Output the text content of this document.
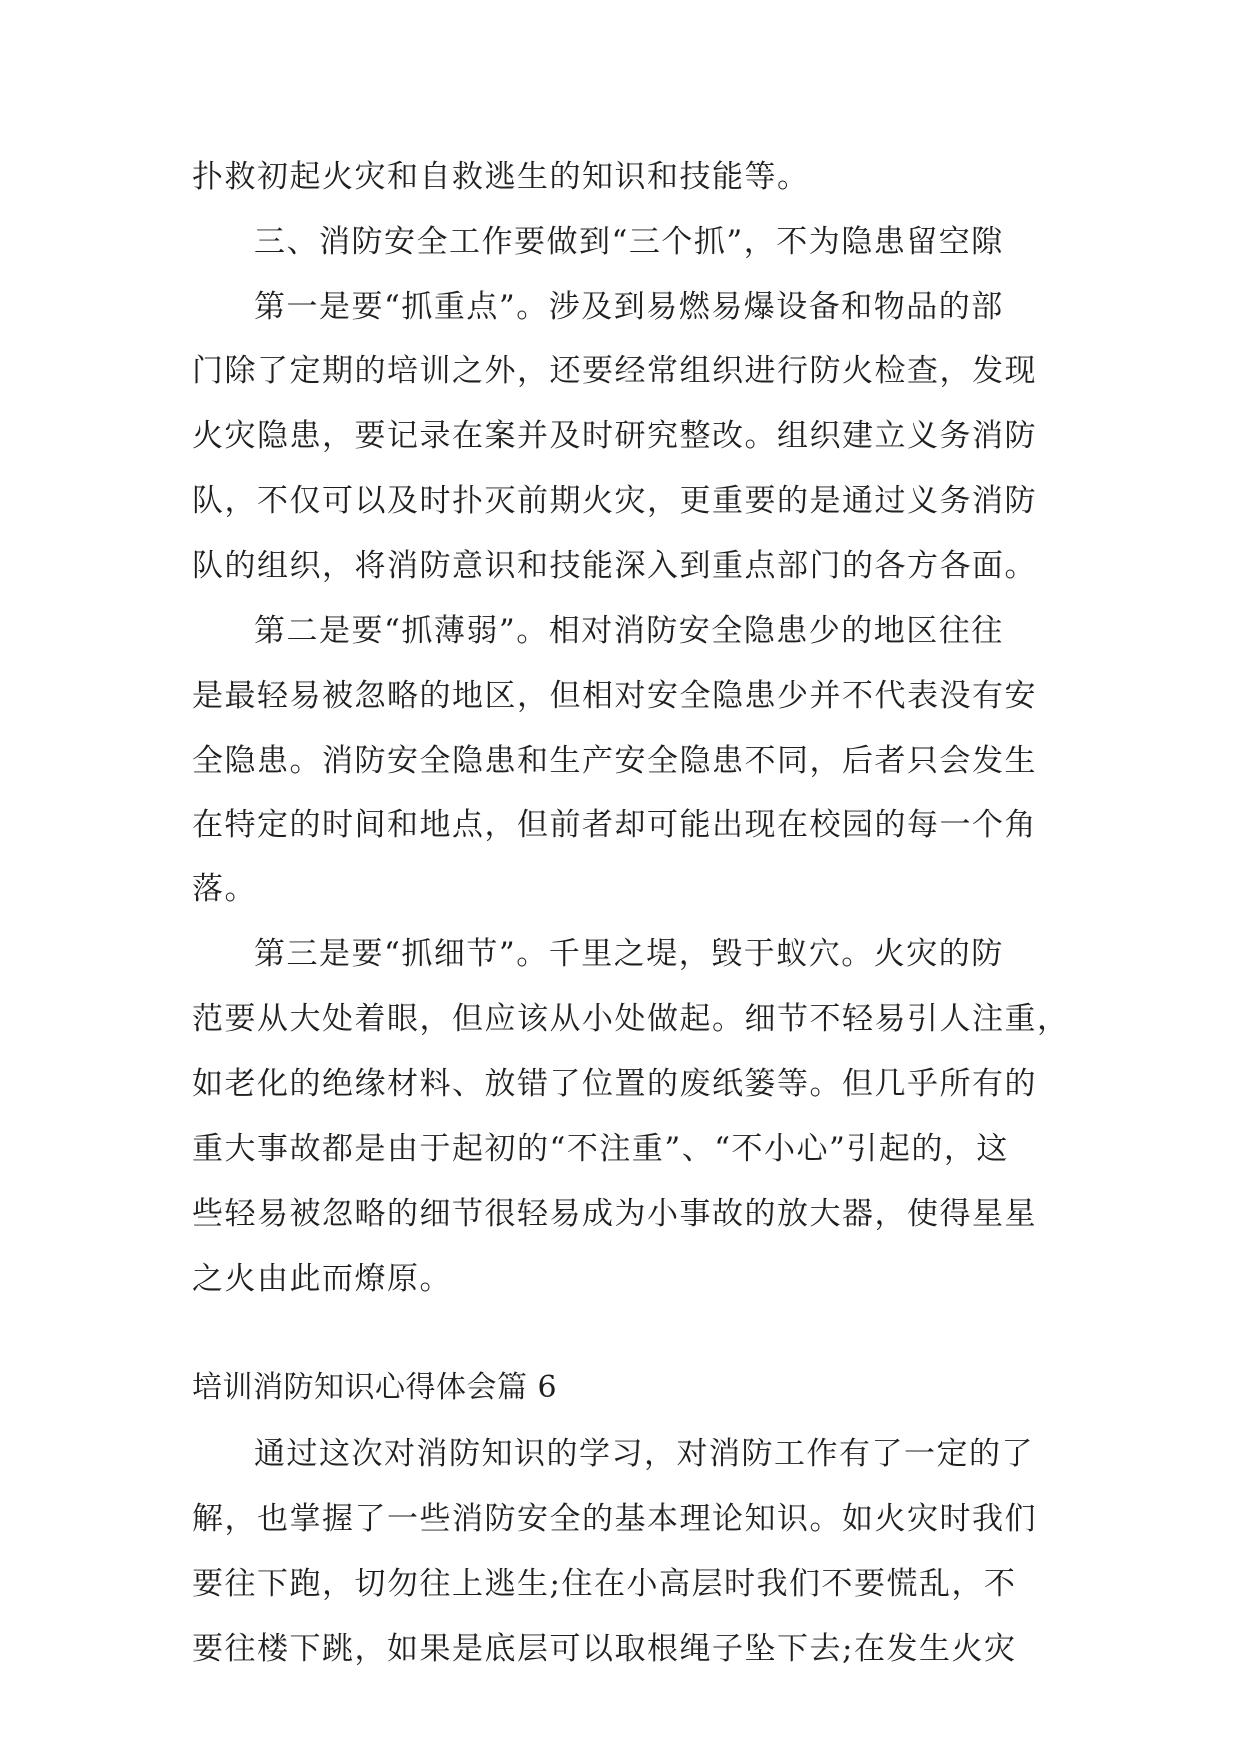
扑救初起火灾和自救逃生的知识和技能等。
三、消防安全工作要做到“三个抓”，不为隐患留空隙
第一是要“抓重点”。涉及到易燃易爆设备和物品的部
门除了定期的培训之外，还要经常组织进行防火检查，发现
火灾隐患，要记录在案并及时研究整改。组织建立义务消防
队，不仅可以及时扑灭前期火灾，更重要的是通过义务消防
队的组织，将消防意识和技能深入到重点部门的各方各面。
第二是要“抓薄弱”。相对消防安全隐患少的地区往往
是最轻易被忽略的地区，但相对安全隐患少并不代表没有安
全隐患。消防安全隐患和生产安全隐患不同，后者只会发生
在特定的时间和地点，但前者却可能出现在校园的每一个角
落。
第三是要“抓细节”。千里之堤，毁于蚁穴。火灾的防
范要从大处着眼，但应该从小处做起。细节不轻易引人注重，
如老化的绝缘材料、放错了位置的废纸篓等。但几乎所有的
重大事故都是由于起初的“不注重”、“不小心”引起的，这
些轻易被忽略的细节很轻易成为小事故的放大器，使得星星
之火由此而燎原。
培训消防知识心得体会篇 6
通过这次对消防知识的学习，对消防工作有了一定的了
解，也掌握了一些消防安全的基本理论知识。如火灾时我们
要往下跑，切勿往上逃生;住在小高层时我们不要慌乱，不
要往楼下跳，如果是底层可以取根绳子坠下去;在发生火灾
